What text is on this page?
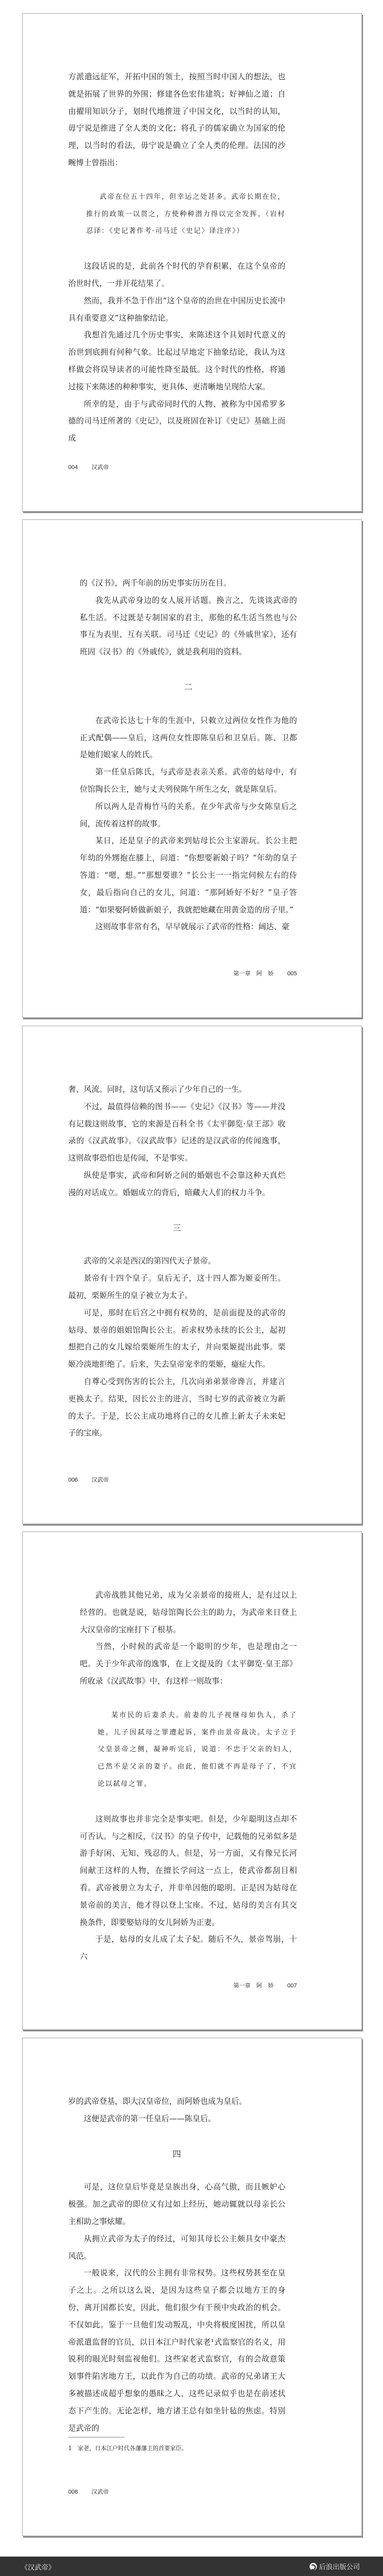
方派遣远征军，开拓中国的领土，按照当时中国人的想法，也就是拓展了世界的外围；修建各色宏伟建筑；好神仙之道；自由擢用知识分子，划时代地推进了中国文化，以当时的认知，毋宁说是推进了全人类的文化；将孔子的儒家确立为国家的伦理，以当时的看法，毋宁说是确立了全人类的伦理。法国的沙畹博士曾指出：

武帝在位五十四年，但幸运之处甚多。武帝长期在位，推行的政策一以贯之，方使种种潜力得以完全发挥。（岩村忍译：《史记著作考·司马迁〈史记〉译注序》）

这段话说的是，此前各个时代的孕育积累，在这个皇帝的治世时代，一并开花结果了。

然而，我并不急于作出“这个皇帝的治世在中国历史长流中具有重要意义”这种抽象结论。

我想首先通过几个历史事实，来陈述这个具划时代意义的治世到底拥有何种气象。比起过早地定下抽象结论，我认为这样做会将误导读者的可能性降至最低。这个时代的性格，将通过接下来陈述的种种事实，更具体、更清晰地呈现给大家。

所幸的是，由于与武帝同时代的人物、被称为中国希罗多德的司马迁所著的《史记》，以及班固在补订《史记》基础上而成

004 汉武帝

的《汉书》，两千年前的历史事实历历在目。

我先从武帝身边的女人展开话题。换言之，先谈谈武帝的私生活。不过既是专制国家的君主，那他的私生活当然也与公事互为表里、互有关联。司马迁《史记》的《外戚世家》，还有班固《汉书》的《外戚传》，就是我利用的资料。

二

在武帝长达七十年的生涯中，只敕立过两位女性作为他的正式配偶——皇后，这两位女性即陈皇后和卫皇后。陈、卫都是她们娘家人的姓氏。

第一任皇后陈氏，与武帝是表亲关系。武帝的姑母中，有位馆陶长公主，她与丈夫列侯陈午所生之女，就是陈皇后。

所以两人是青梅竹马的关系。在少年武帝与少女陈皇后之间，流传着这样的故事。

某日，还是皇子的武帝来到姑母长公主家游玩。长公主把年幼的外甥抱在膝上，问道：“你想要新娘子吗？”年幼的皇子答道：“嗯，想。”“那想要谁？”长公主一一指完伺候左右的侍女，最后指向自己的女儿，问道：“那阿娇好不好？”皇子答道：“如果娶阿娇做新娘子，我就把她藏在用黄金造的房子里。”

这则故事非常有名，早早就展示了武帝的性格：阔达、豪

第一章　阿　娇 005

奢、风流。同时，这句话又预示了少年自己的一生。

不过，最值得信赖的图书——《史记》《汉书》等——并没有记载这则故事，它的来源是百科全书《太平御览·皇王部》收录的《汉武故事》。《汉武故事》记述的是汉武帝的传闻逸事，这则故事恐怕也是传闻，不是事实。

纵使是事实，武帝和阿娇之间的婚姻也不会靠这种天真烂漫的对话成立。婚姻成立的背后，暗藏大人们的权力斗争。

三

武帝的父亲是西汉的第四代天子景帝。

景帝有十四个皇子。皇后无子，这十四人都为姬妾所生。最初，栗姬所生的皇子被立为太子。

可是，那时在后宫之中拥有权势的，是前面提及的武帝的姑母、景帝的姐姐馆陶长公主。祈求权势永续的长公主，起初想把自己的女儿嫁给栗姬所生的太子，并向栗姬提出此事。栗姬冷淡地拒绝了。后来，失去皇帝宠幸的栗姬，癔症大作。

自尊心受到伤害的长公主，几次向弟弟景帝谗言，并建言更换太子。结果，因长公主的进言，当时七岁的武帝被立为新的太子。于是，长公主成功地将自己的女儿推上新太子未来妃子的宝座。

006 汉武帝

武帝战胜其他兄弟，成为父亲景帝的接班人，是有过以上经营的。也就是说，姑母馆陶长公主的助力，为武帝来日登上大汉皇帝的宝座打下了根基。

当然，小时候的武帝是一个聪明的少年，也是理由之一吧。关于少年武帝的逸事，在上文提及的《太平御览·皇王部》所收录《汉武故事》中，有这样一则故事：

某市民的后妻杀夫。前妻的儿子视继母如仇人，杀了她。儿子因弑母之罪遭起诉，案件由景帝裁决。太子立于父皇景帝之侧，凝神听完后，说道：不忠于父亲的妇人，已然不是父亲的妻子。由此，他们就不再是母子了，不宜论以弑母之罪。

这则故事也并非完全是事实吧。但是，少年聪明这点却不可否认。与之相反，《汉书》的皇子传中，记载他的兄弟似多是游手好闲、无知、残忍的人。但是，另一方面，又有像兄长河间献王这样的人物，在擅长学问这一点上，使武帝都刮目相看。武帝被册立为太子，并非单因他的聪明。正是因为姑母在景帝前的美言，他才得以登上宝座。不过，姑母的美言有其交换条件，即要娶姑母的女儿阿娇为正妻。

于是，姑母的女儿成了太子妃。随后不久，景帝驾崩，十六

第一章　阿　娇 007

岁的武帝登基，即大汉皇帝位，而阿娇也成为皇后。

这便是武帝的第一任皇后——陈皇后。

四

可是，这位皇后毕竟是皇族出身，心高气傲，而且嫉妒心极强。加之武帝的即位又有过如上经历，她动辄就以母亲长公主相助之事炫耀。

从拥立武帝为太子的经过，可知其母长公主颇具女中豪杰风范。

一般说来，汉代的公主拥有非常权势。这些权势甚至在皇子之上。之所以这么说，是因为这些皇子都会以地方王的身份，离开国都长安，因此，他们很少有干预中央政治的机会。不仅如此。鉴于一旦他们发动叛乱，中央将极度困扰，所以皇帝派遣监督的官员，以日本江户时代家老¹式监察官的名义，用锐利的眼光时刻监视他们。这些家老式监察官，有的会故意策划事件陷害地方王，以此作为自己的功绩。武帝的兄弟诸王大多被描述成超乎想象的愚昧之人，这些记录似乎也是在前述状态下产生的。无论怎样，地方诸王总有如坐针毡的焦虑。特别是武帝的

1　家老，日本江户时代各藩藩主的首要家臣。
008 汉武帝
《汉武帝》	后浪出版公司
